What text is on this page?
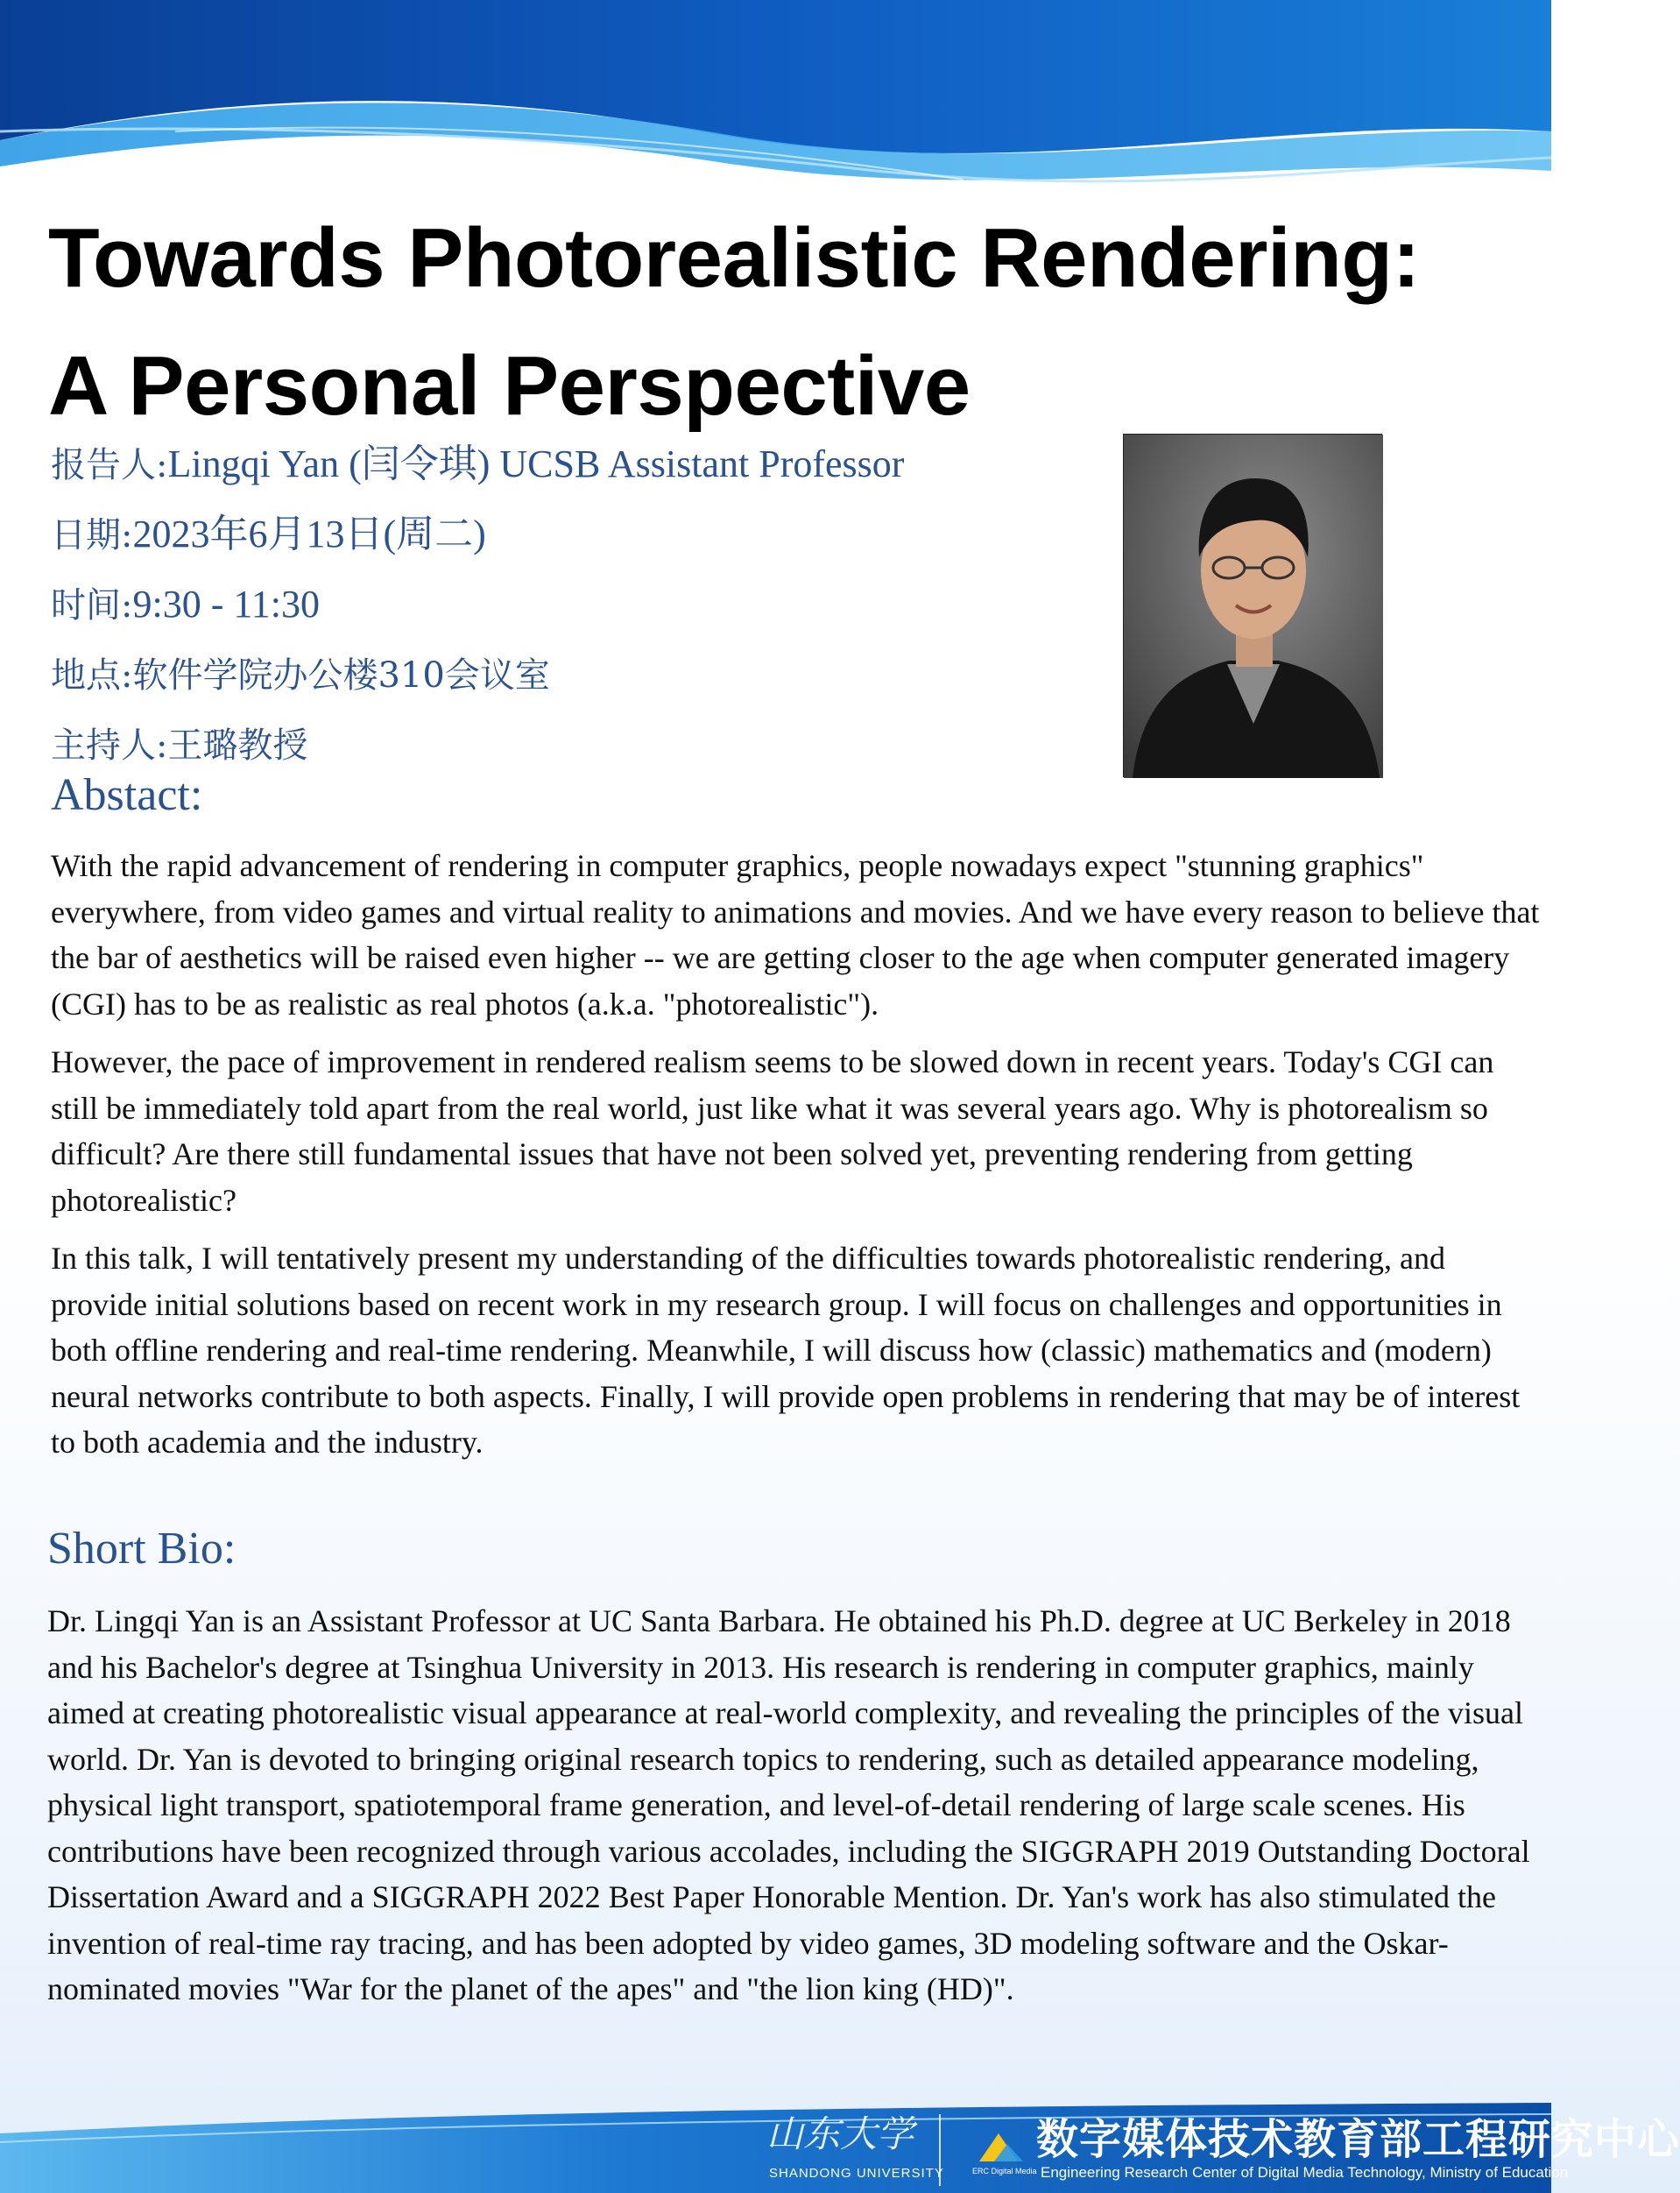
Towards Photorealistic Rendering:
A Personal Perspective
报告人:Lingqi Yan (闫令琪) UCSB Assistant Professor
日期:2023年6月13日(周二)
时间:9:30 - 11:30
地点:软件学院办公楼310会议室
主持人:王璐教授
Abstact:

With the rapid advancement of rendering in computer graphics, people nowadays expect "stunning graphics" everywhere, from video games and virtual reality to animations and movies. And we have every reason to believe that the bar of aesthetics will be raised even higher -- we are getting closer to the age when computer generated imagery (CGI) has to be as realistic as real photos (a.k.a. "photorealistic").

However, the pace of improvement in rendered realism seems to be slowed down in recent years. Today's CGI can still be immediately told apart from the real world, just like what it was several years ago. Why is photorealism so difficult? Are there still fundamental issues that have not been solved yet, preventing rendering from getting photorealistic?

In this talk, I will tentatively present my understanding of the difficulties towards photorealistic rendering, and provide initial solutions based on recent work in my research group. I will focus on challenges and opportunities in both offline rendering and real-time rendering. Meanwhile, I will discuss how (classic) mathematics and (modern) neural networks contribute to both aspects. Finally, I will provide open problems in rendering that may be of interest to both academia and the industry.

Short Bio:

Dr. Lingqi Yan is an Assistant Professor at UC Santa Barbara. He obtained his Ph.D. degree at UC Berkeley in 2018 and his Bachelor's degree at Tsinghua University in 2013. His research is rendering in computer graphics, mainly aimed at creating photorealistic visual appearance at real-world complexity, and revealing the principles of the visual world. Dr. Yan is devoted to bringing original research topics to rendering, such as detailed appearance modeling, physical light transport, spatiotemporal frame generation, and level-of-detail rendering of large scale scenes. His contributions have been recognized through various accolades, including the SIGGRAPH 2019 Outstanding Doctoral Dissertation Award and a SIGGRAPH 2022 Best Paper Honorable Mention. Dr. Yan's work has also stimulated the invention of real-time ray tracing, and has been adopted by video games, 3D modeling software and the Oskar-nominated movies "War for the planet of the apes" and "the lion king (HD)".

山东大学
SHANDONG UNIVERSITY	ERC Digital Media
数字媒体技术教育部工程研究中心
Engineering Research Center of Digital Media Technology, Ministry of Education
